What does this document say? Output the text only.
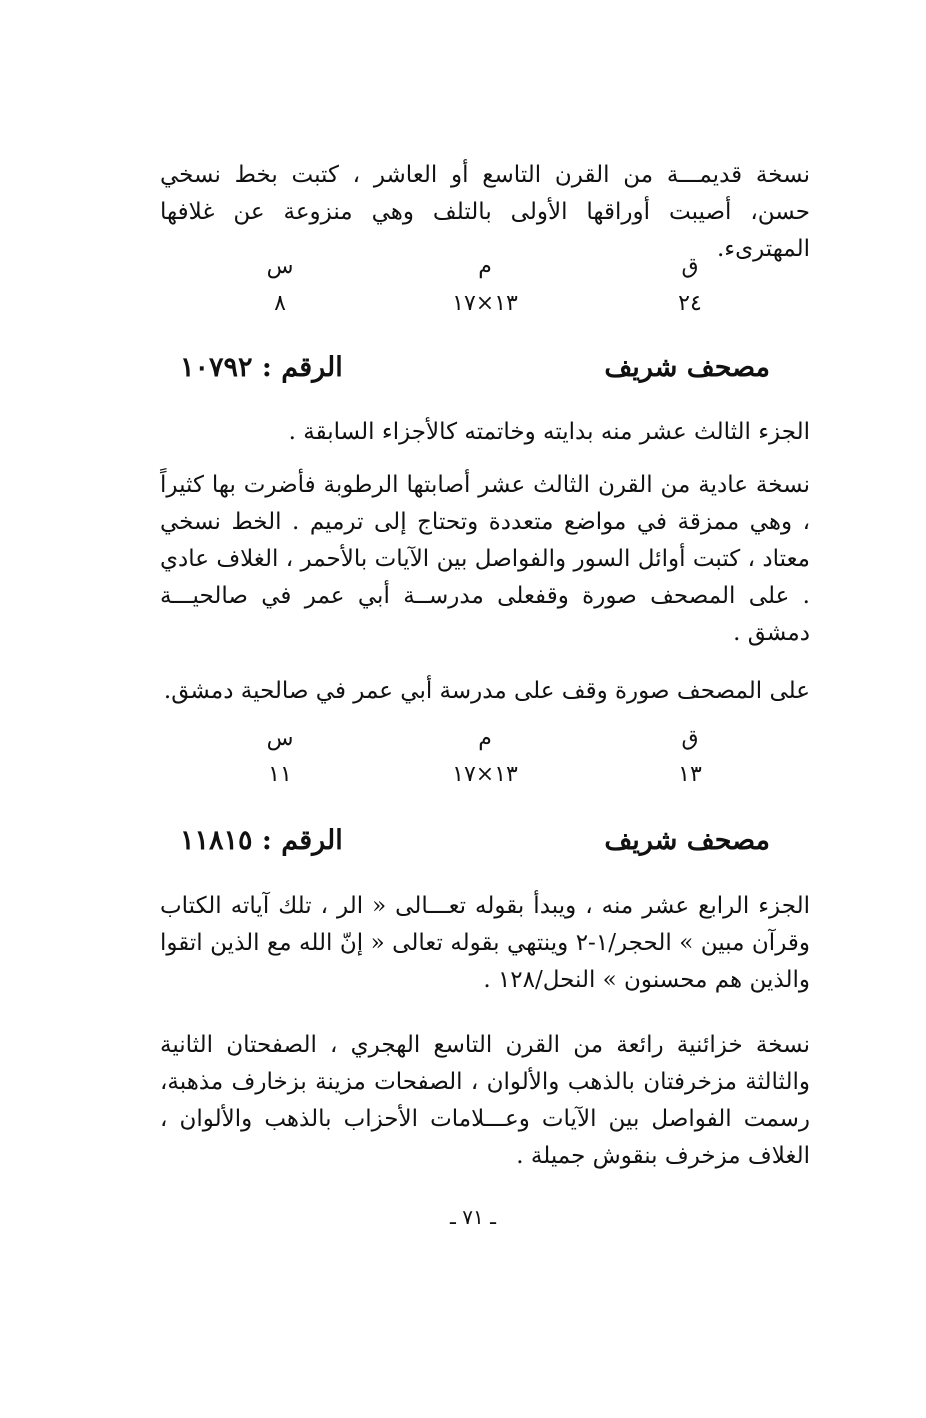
نسخة قديمـــة من القرن التاسع أو العاشر ، كتبت بخط نسخي حسن، أصيبت أوراقها الأولى بالتلف وهي منزوعة عن غلافها المهترىء.

ق
م
س
٢٤
١٣×١٧
٨
مصحف شريف
الرقم : ١٠٧٩٢

الجزء الثالث عشر منه بدايته وخاتمته كالأجزاء السابقة .

نسخة عادية من القرن الثالث عشر أصابتها الرطوبة فأضرت بها كثيراً ، وهي ممزقة في مواضع متعددة وتحتاج إلى ترميم . الخط نسخي معتاد ، كتبت أوائل السور والفواصل بين الآيات بالأحمر ، الغلاف عادي . على المصحف صورة وقفعلى مدرســة أبي عمر في صالحيـــة دمشق .

على المصحف صورة وقف على مدرسة أبي عمر في صالحية دمشق.

ق
م
س
١٣
١٣×١٧
١١
مصحف شريف
الرقم : ١١٨١٥

الجزء الرابع عشر منه ، ويبدأ بقوله تعـــالى « الر ، تلك آياته الكتاب وقرآن مبين » الحجر/١-٢ وينتهي بقوله تعالى « إنّ الله مع الذين اتقوا والذين هم محسنون » النحل/١٢٨ .

نسخة خزائنية رائعة من القرن التاسع الهجري ، الصفحتان الثانية والثالثة مزخرفتان بالذهب والألوان ، الصفحات مزينة بزخارف مذهبة، رسمت الفواصل بين الآيات وعـــلامات الأحزاب بالذهب والألوان ، الغلاف مزخرف بنقوش جميلة .

ـ ٧١ ـ
